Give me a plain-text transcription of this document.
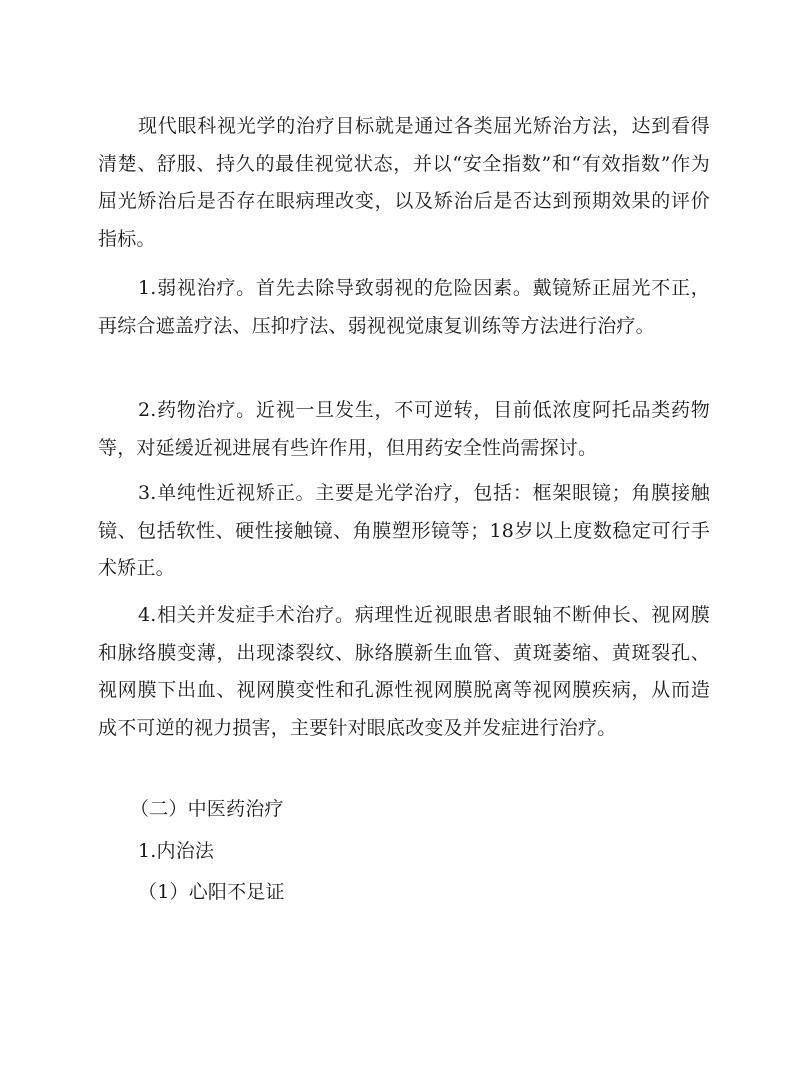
现代眼科视光学的治疗目标就是通过各类屈光矫治方法，达到看得清楚、舒服、持久的最佳视觉状态，并以“安全指数”和“有效指数”作为屈光矫治后是否存在眼病理改变，以及矫治后是否达到预期效果的评价指标。

1.弱视治疗。首先去除导致弱视的危险因素。戴镜矫正屈光不正，再综合遮盖疗法、压抑疗法、弱视视觉康复训练等方法进行治疗。

2.药物治疗。近视一旦发生，不可逆转，目前低浓度阿托品类药物等，对延缓近视进展有些许作用，但用药安全性尚需探讨。

3.单纯性近视矫正。主要是光学治疗，包括：框架眼镜；角膜接触镜、包括软性、硬性接触镜、角膜塑形镜等；18岁以上度数稳定可行手术矫正。

4.相关并发症手术治疗。病理性近视眼患者眼轴不断伸长、视网膜和脉络膜变薄，出现漆裂纹、脉络膜新生血管、黄斑萎缩、黄斑裂孔、视网膜下出血、视网膜变性和孔源性视网膜脱离等视网膜疾病，从而造成不可逆的视力损害，主要针对眼底改变及并发症进行治疗。

（二）中医药治疗

1.内治法

（1）心阳不足证
